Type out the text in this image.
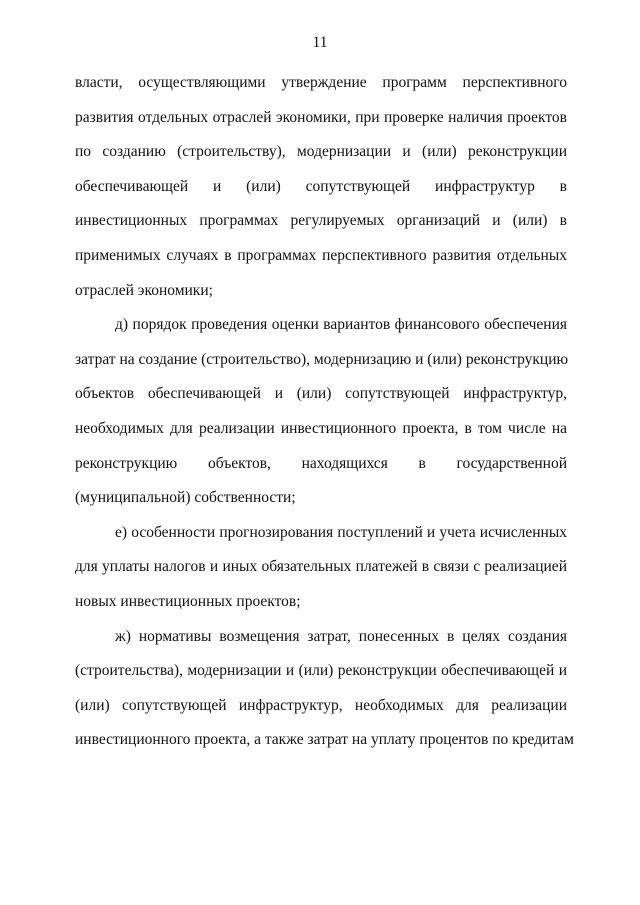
11
власти, осуществляющими утверждение программ перспективного
развития отдельных отраслей экономики, при проверке наличия проектов
по созданию (строительству), модернизации и (или) реконструкции
обеспечивающей и (или) сопутствующей инфраструктур в
инвестиционных программах регулируемых организаций и (или) в
применимых случаях в программах перспективного развития отдельных
отраслей экономики;
д) порядок проведения оценки вариантов финансового обеспечения
затрат на создание (строительство), модернизацию и (или) реконструкцию
объектов обеспечивающей и (или) сопутствующей инфраструктур,
необходимых для реализации инвестиционного проекта, в том числе на
реконструкцию объектов, находящихся в государственной
(муниципальной) собственности;
е) особенности прогнозирования поступлений и учета исчисленных
для уплаты налогов и иных обязательных платежей в связи с реализацией
новых инвестиционных проектов;
ж) нормативы возмещения затрат, понесенных в целях создания
(строительства), модернизации и (или) реконструкции обеспечивающей и
(или) сопутствующей инфраструктур, необходимых для реализации
инвестиционного проекта, а также затрат на уплату процентов по кредитам
